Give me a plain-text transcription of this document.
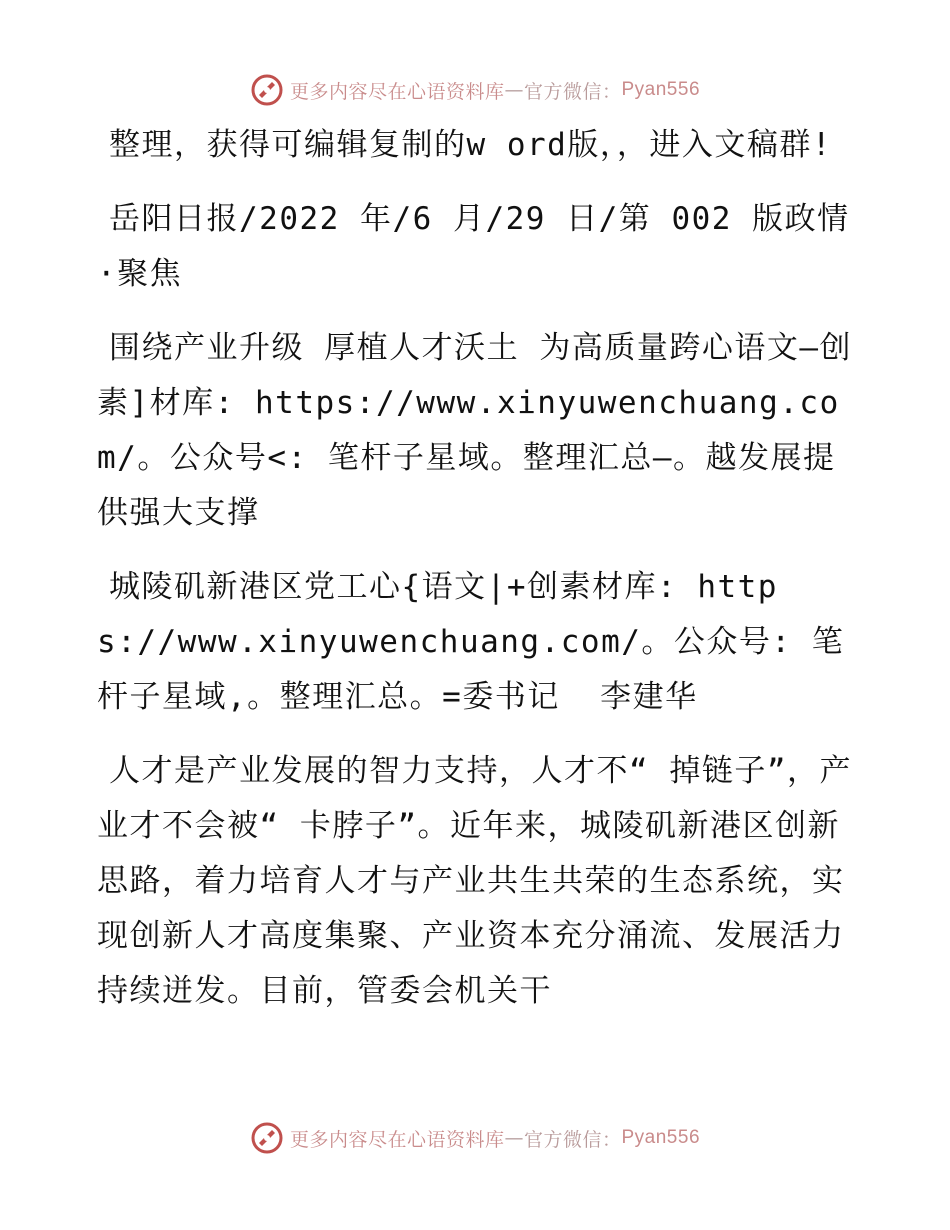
更多内容尽在心语资料库 — 官方微信： Pyan556

整理，获得可编辑复制的w ord版，，进入文稿群!

岳阳日报/2022 年/6 月/29 日/第 002 版政情·聚焦

围绕产业升级 厚植人才沃土 为高质量跨心语文—创素]材库: https://www.xinyuwenchuang.com/。公众号<: 笔杆子星域。整理汇总—。越发展提供强大支撑

城陵矶新港区党工心{语文|+创素材库: https://www.xinyuwenchuang.com/。公众号: 笔杆子星域,。整理汇总。=委书记  李建华

人才是产业发展的智力支持，人才不“ 掉链子”，产业才不会被“ 卡脖子”。近年来，城陵矶新港区创新思路，着力培育人才与产业共生共荣的生态系统，实现创新人才高度集聚、产业资本充分涌流、发展活力持续迸发。目前，管委会机关干

更多内容尽在心语资料库 — 官方微信： Pyan556
